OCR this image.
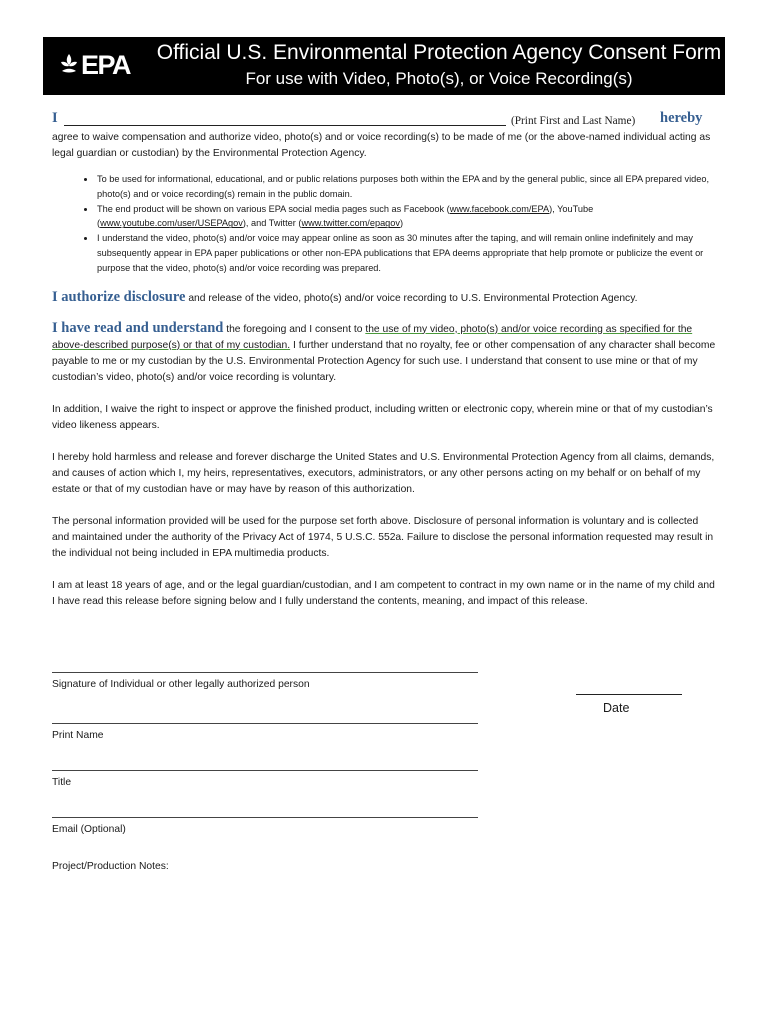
EPA Official U.S. Environmental Protection Agency Consent Form
For use with Video, Photo(s), or Voice Recording(s)
I	(Print First and Last Name) hereby

agree to waive compensation and authorize video, photo(s) and or voice recording(s) to be made of me (or the above-named individual acting as legal guardian or custodian) by the Environmental Protection Agency.

• To be used for informational, educational, and or public relations purposes both within the EPA and by the general public, since all EPA prepared video, photo(s) and or voice recording(s) remain in the public domain.
• The end product will be shown on various EPA social media pages such as Facebook (www.facebook.com/EPA), YouTube (www.youtube.com/user/USEPAgov), and Twitter (www.twitter.com/epagov)
• I understand the video, photo(s) and/or voice may appear online as soon as 30 minutes after the taping, and will remain online indefinitely and may subsequently appear in EPA paper publications or other non-EPA publications that EPA deems appropriate that help promote or publicize the event or purpose that the video, photo(s) and/or voice recording was prepared.

I authorize disclosure and release of the video, photo(s) and/or voice recording to U.S. Environmental Protection Agency.

I have read and understand the foregoing and I consent to the use of my video, photo(s) and/or voice recording as specified for the above-described purpose(s) or that of my custodian. I further understand that no royalty, fee or other compensation of any character shall become payable to me or my custodian by the U.S. Environmental Protection Agency for such use. I understand that consent to use mine or that of my custodian’s video, photo(s) and/or voice recording is voluntary.

In addition, I waive the right to inspect or approve the finished product, including written or electronic copy, wherein mine or that of my custodian’s video likeness appears.

I hereby hold harmless and release and forever discharge the United States and U.S. Environmental Protection Agency from all claims, demands, and causes of action which I, my heirs, representatives, executors, administrators, or any other persons acting on my behalf or on behalf of my estate or that of my custodian have or may have by reason of this authorization.

The personal information provided will be used for the purpose set forth above. Disclosure of personal information is voluntary and is collected and maintained under the authority of the Privacy Act of 1974, 5 U.S.C. 552a. Failure to disclose the personal information requested may result in the individual not being included in EPA multimedia products.

I am at least 18 years of age, and or the legal guardian/custodian, and I am competent to contract in my own name or in the name of my child and I have read this release before signing below and I fully understand the contents, meaning, and impact of this release.

Signature of Individual or other legally authorized person
Date
Print Name
Title
Email (Optional)
Project/Production Notes:
